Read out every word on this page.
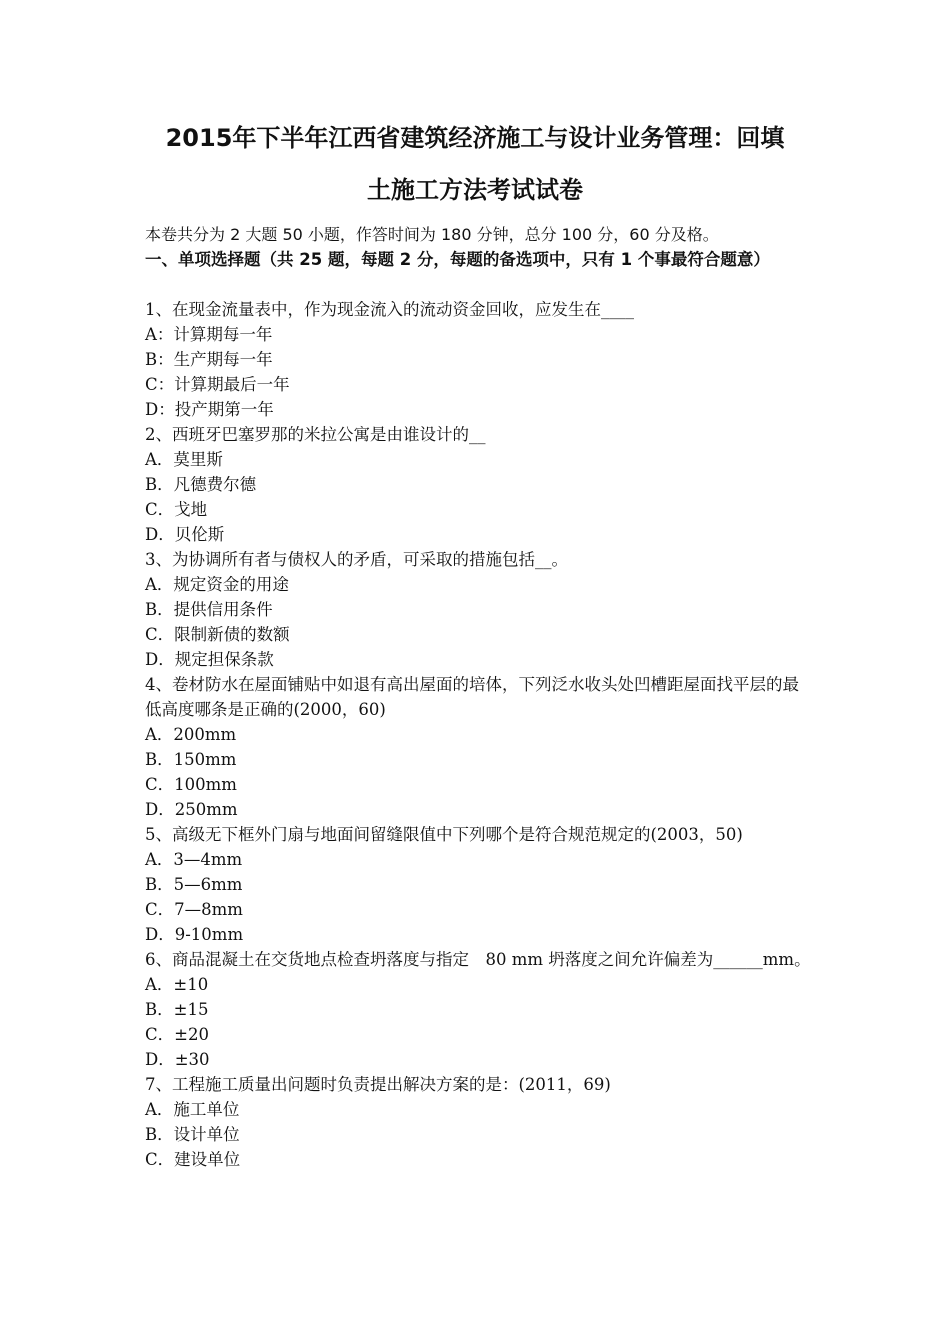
2015年下半年江西省建筑经济施工与设计业务管理：回填
土施工方法考试试卷
本卷共分为 2 大题 50 小题，作答时间为 180 分钟，总分 100 分，60 分及格。
一、单项选择题（共 25 题，每题 2 分，每题的备选项中，只有 1 个事最符合题意）

1、在现金流量表中，作为现金流入的流动资金回收，应发生在____

A：计算期每一年

B：生产期每一年

C：计算期最后一年

D：投产期第一年

2、西班牙巴塞罗那的米拉公寓是由谁设计的__

A．莫里斯

B．凡德费尔德

C．戈地

D．贝伦斯

3、为协调所有者与债权人的矛盾，可采取的措施包括__。

A．规定资金的用途

B．提供信用条件

C．限制新债的数额

D．规定担保条款

4、卷材防水在屋面铺贴中如退有高出屋面的培体，下列泛水收头处凹槽距屋面找平层的最低高度哪条是正确的(2000，60)

A．200mm

B．150mm

C．100mm

D．250mm

5、高级无下框外门扇与地面间留缝限值中下列哪个是符合规范规定的(2003，50)

A．3—4mm

B．5—6mm

C．7—8mm

D．9-10mm

6、商品混凝土在交货地点检查坍落度与指定　80 mm 坍落度之间允许偏差为______mm。

A．±10

B．±15

C．±20

D．±30

7、工程施工质量出问题时负责提出解决方案的是：(2011，69)

A．施工单位

B．设计单位

C．建设单位
